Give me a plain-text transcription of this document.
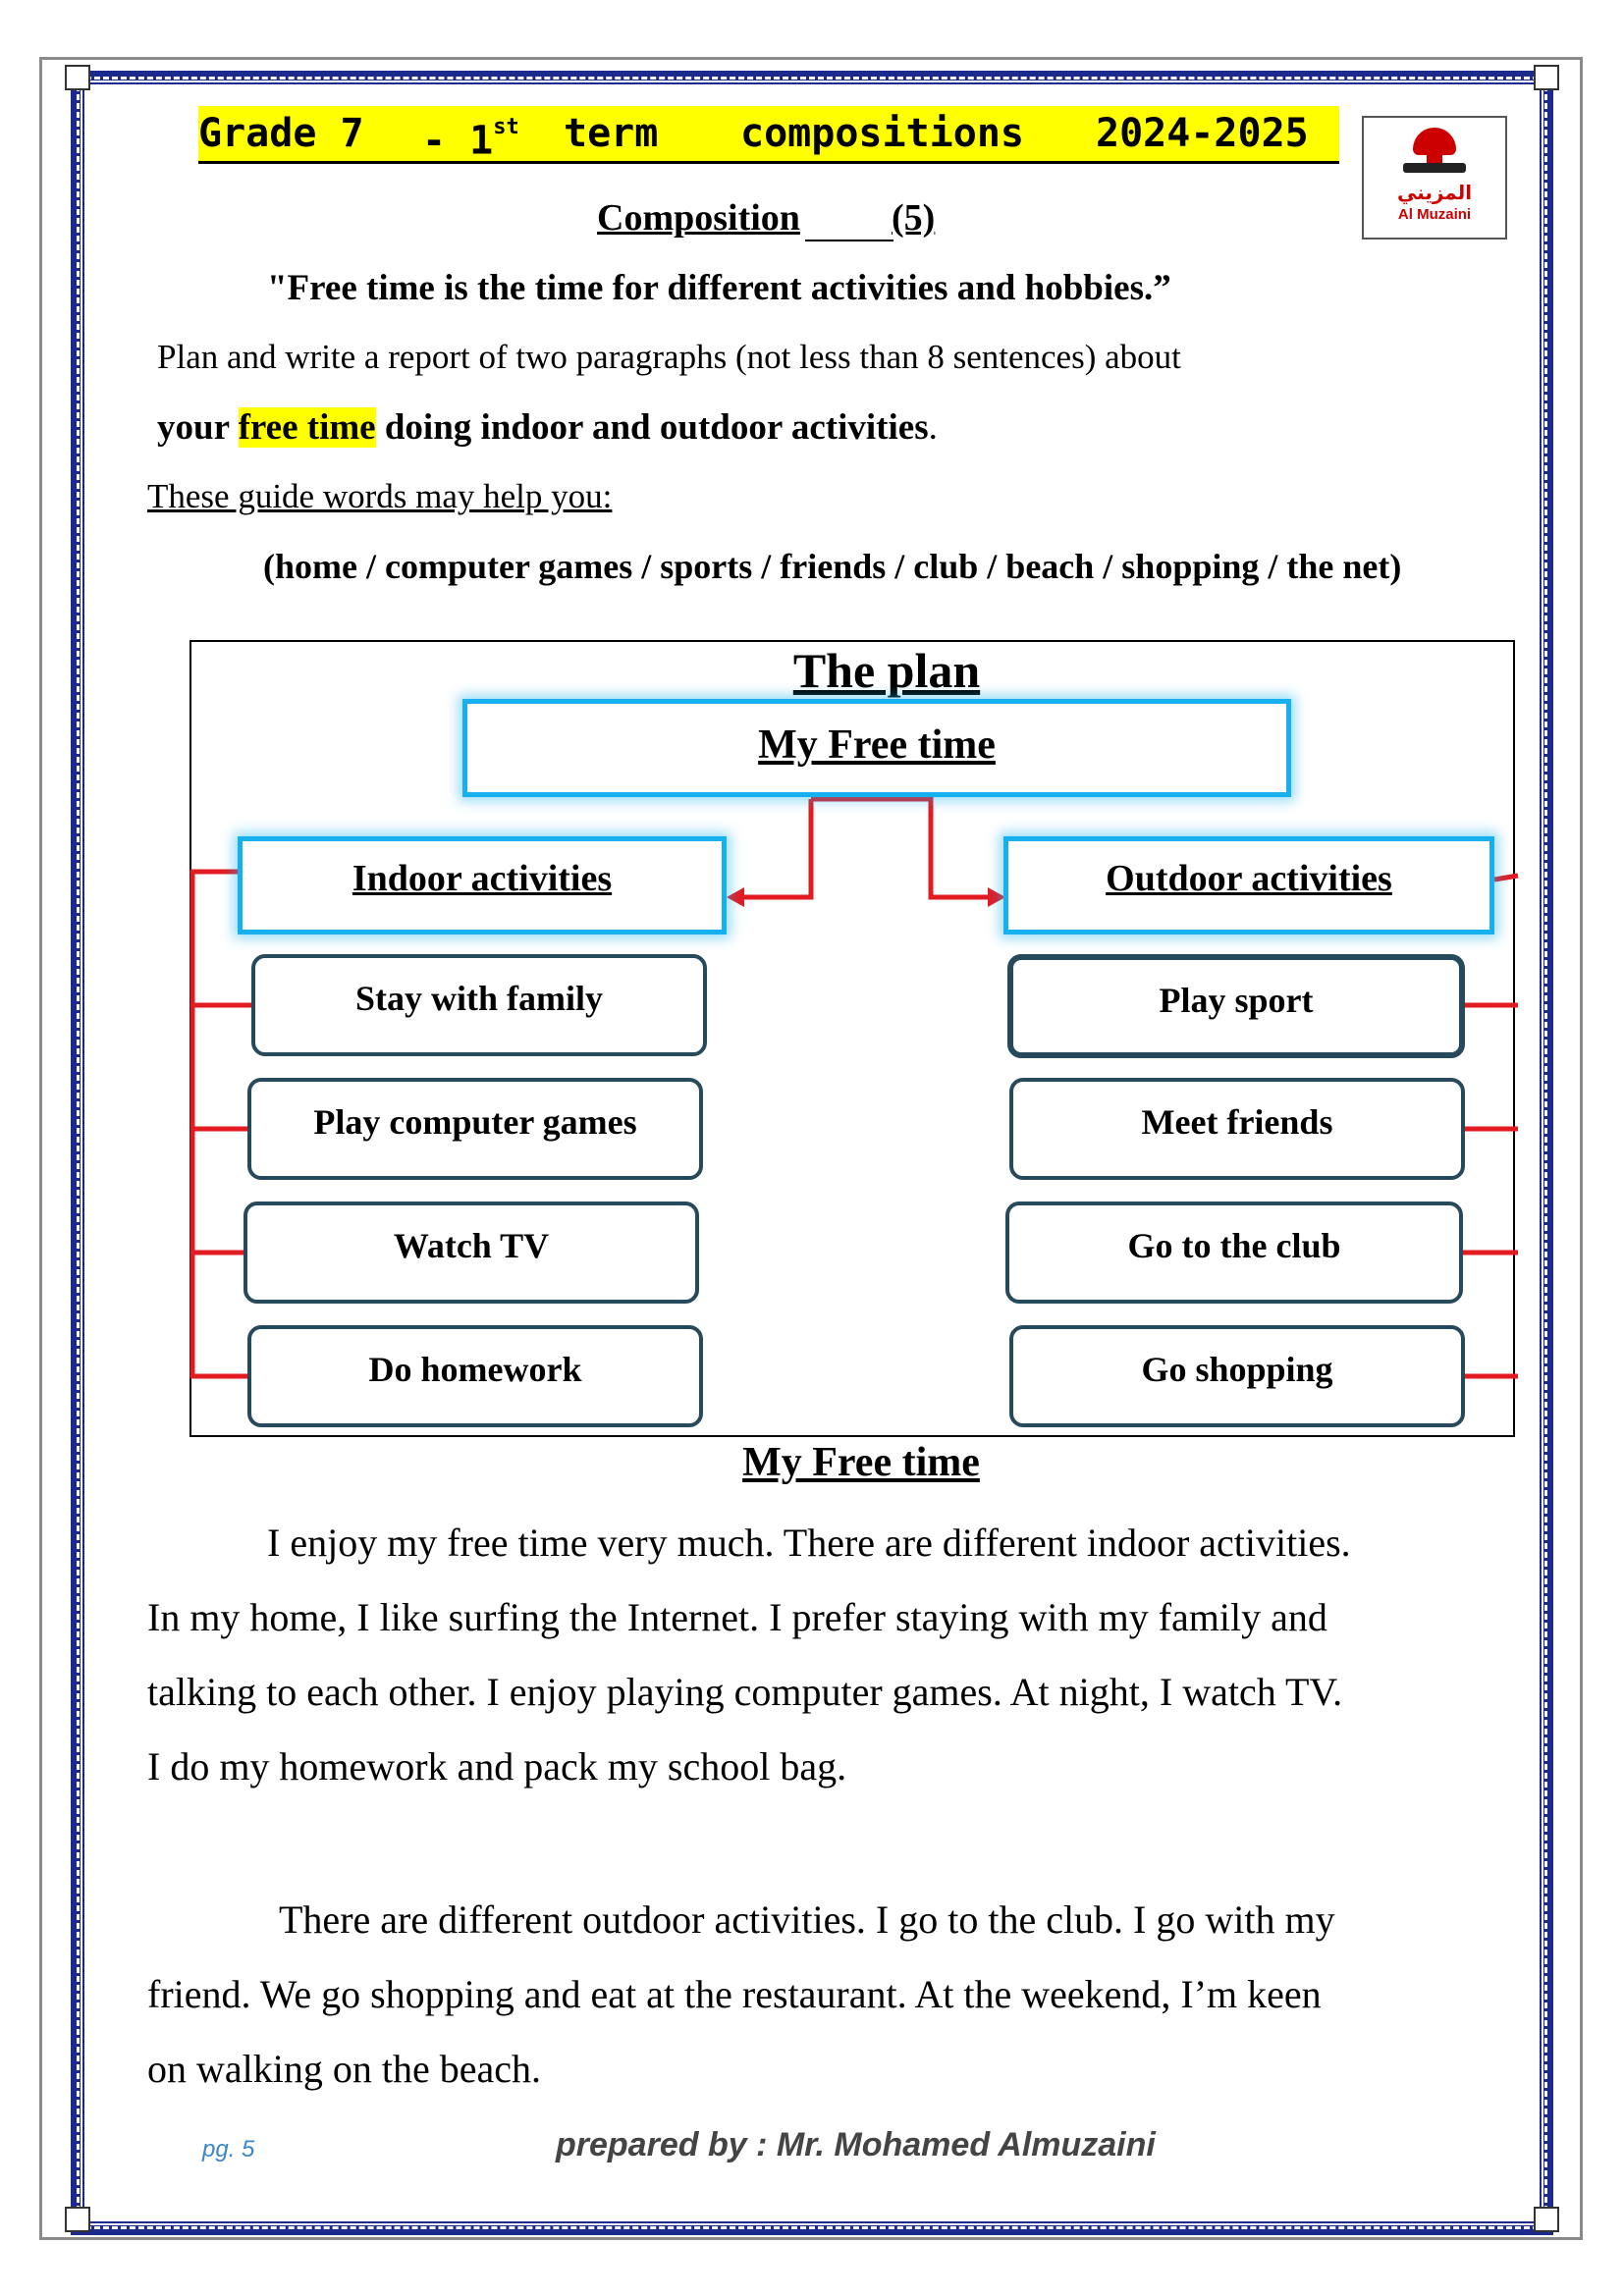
Grade 7 - 1st term compositions 2024-2025
المزيني
Al Muzaini
Composition (5)
"Free time is the time for different activities and hobbies.”
Plan and write a report of two paragraphs (not less than 8 sentences) about
your free time doing indoor and outdoor activities.
These guide words may help you:
(home / computer games / sports / friends / club / beach / shopping / the net)
The plan
My Free time
Indoor activities	Outdoor activities
Stay with family
Play computer games
Watch TV
Do homework
Play sport
Meet friends
Go to the club
Go shopping
My Free time
I enjoy my free time very much. There are different indoor activities.
In my home, I like surfing the Internet. I prefer staying with my family and
talking to each other. I enjoy playing computer games. At night, I watch TV.
I do my homework and pack my school bag.
There are different outdoor activities. I go to the club. I go with my
friend. We go shopping and eat at the restaurant. At the weekend, I’m keen
on walking on the beach.
pg. 5	prepared by : Mr. Mohamed Almuzaini
